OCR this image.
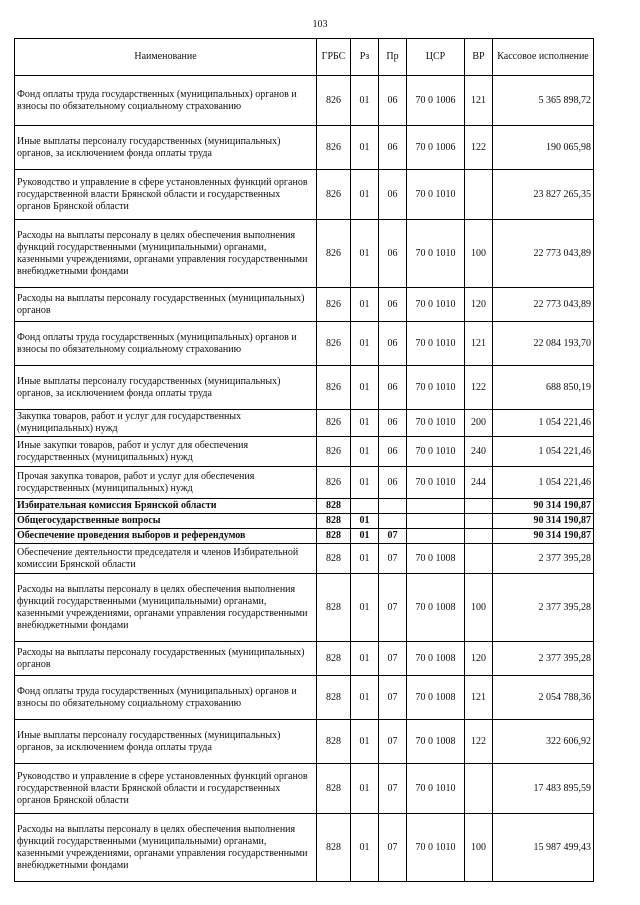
103
Наименование	ГРБС	Рз	Пр	ЦСР	ВР	Кассовое исполнение
Фонд оплаты труда государственных (муниципальных) органов и взносы по обязательному социальному страхованию	826	01	06	70 0 1006	121	5 365 898,72
Иные выплаты персоналу государственных (муниципальных) органов, за исключением фонда оплаты труда	826	01	06	70 0 1006	122	190 065,98
Руководство и управление в сфере установленных функций органов государственной власти Брянской области и государственных органов Брянской области	826	01	06	70 0 1010		23 827 265,35
Расходы на выплаты персоналу в целях обеспечения выполнения функций государственными (муниципальными) органами, казенными учреждениями, органами управления государственными внебюджетными фондами	826	01	06	70 0 1010	100	22 773 043,89
Расходы на выплаты персоналу государственных (муниципальных) органов	826	01	06	70 0 1010	120	22 773 043,89
Фонд оплаты труда государственных (муниципальных) органов и взносы по обязательному социальному страхованию	826	01	06	70 0 1010	121	22 084 193,70
Иные выплаты персоналу государственных (муниципальных) органов, за исключением фонда оплаты труда	826	01	06	70 0 1010	122	688 850,19
Закупка товаров, работ и услуг для государственных (муниципальных) нужд	826	01	06	70 0 1010	200	1 054 221,46
Иные закупки товаров, работ и услуг для обеспечения государственных (муниципальных) нужд	826	01	06	70 0 1010	240	1 054 221,46
Прочая закупка товаров, работ и услуг для обеспечения государственных (муниципальных) нужд	826	01	06	70 0 1010	244	1 054 221,46
Избирательная комиссия Брянской области	828					90 314 190,87
Общегосударственные вопросы	828	01				90 314 190,87
Обеспечение проведения выборов и референдумов	828	01	07			90 314 190,87
Обеспечение деятельности председателя и членов Избирательной комиссии Брянской области	828	01	07	70 0 1008		2 377 395,28
Расходы на выплаты персоналу в целях обеспечения выполнения функций государственными (муниципальными) органами, казенными учреждениями, органами управления государственными внебюджетными фондами	828	01	07	70 0 1008	100	2 377 395,28
Расходы на выплаты персоналу государственных (муниципальных) органов	828	01	07	70 0 1008	120	2 377 395,28
Фонд оплаты труда государственных (муниципальных) органов и взносы по обязательному социальному страхованию	828	01	07	70 0 1008	121	2 054 788,36
Иные выплаты персоналу государственных (муниципальных) органов, за исключением фонда оплаты труда	828	01	07	70 0 1008	122	322 606,92
Руководство и управление в сфере установленных функций органов государственной власти Брянской области и государственных органов Брянской области	828	01	07	70 0 1010		17 483 895,59
Расходы на выплаты персоналу в целях обеспечения выполнения функций государственными (муниципальными) органами, казенными учреждениями, органами управления государственными внебюджетными фондами	828	01	07	70 0 1010	100	15 987 499,43
